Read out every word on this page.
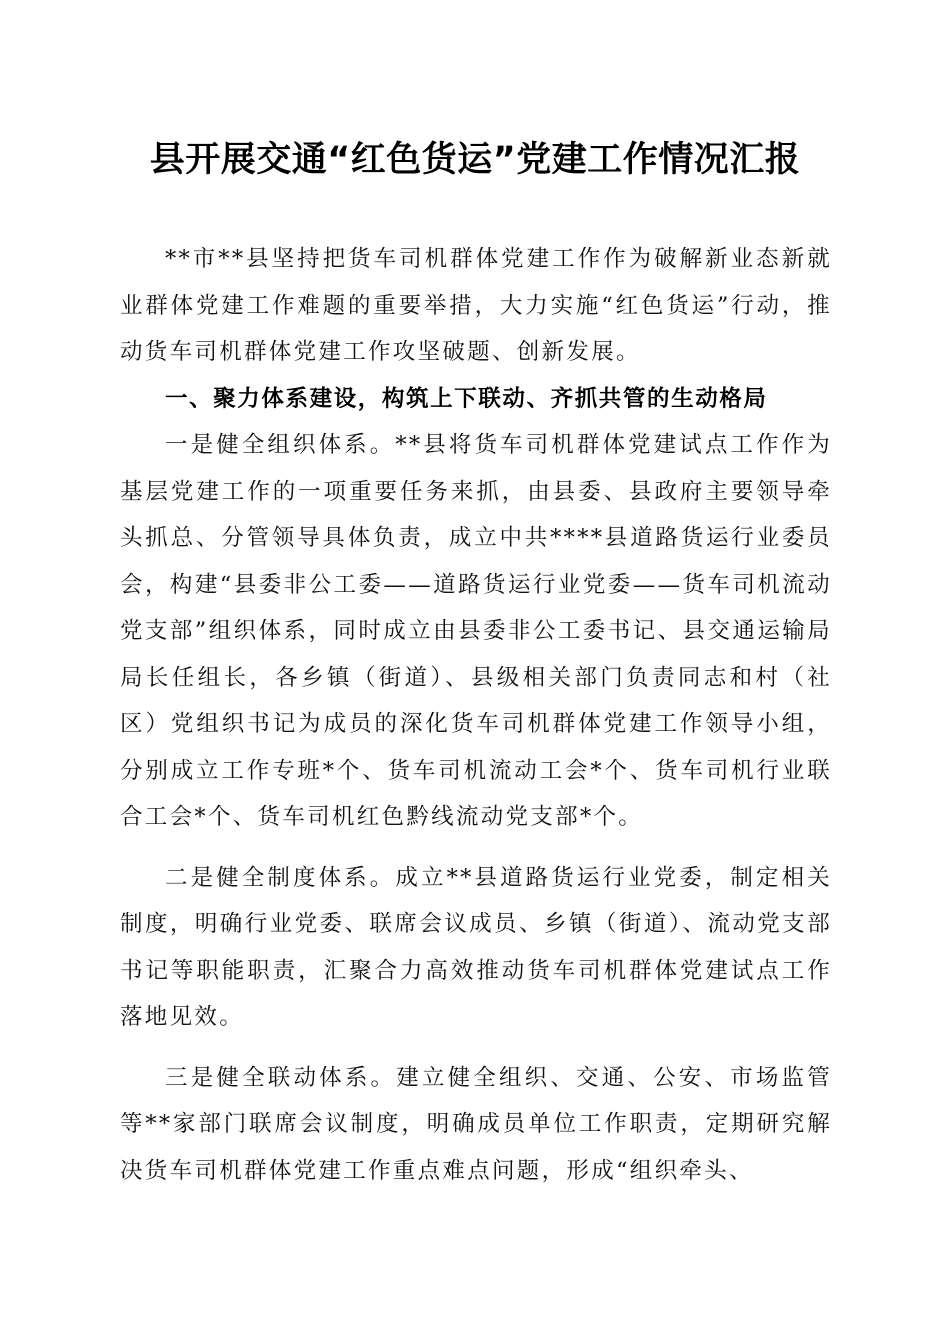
县开展交通“红色货运”党建工作情况汇报

**市**县坚持把货车司机群体党建工作作为破解新业态新就业群体党建工作难题的重要举措，大力实施“红色货运”行动，推动货车司机群体党建工作攻坚破题、创新发展。

一、聚力体系建设，构筑上下联动、齐抓共管的生动格局

一是健全组织体系。**县将货车司机群体党建试点工作作为基层党建工作的一项重要任务来抓，由县委、县政府主要领导牵头抓总、分管领导具体负责，成立中共****县道路货运行业委员会，构建“县委非公工委——道路货运行业党委——货车司机流动党支部”组织体系，同时成立由县委非公工委书记、县交通运输局局长任组长，各乡镇（街道）、县级相关部门负责同志和村（社区）党组织书记为成员的深化货车司机群体党建工作领导小组，分别成立工作专班*个、货车司机流动工会*个、货车司机行业联合工会*个、货车司机红色黔线流动党支部*个。

二是健全制度体系。成立**县道路货运行业党委，制定相关制度，明确行业党委、联席会议成员、乡镇（街道）、流动党支部书记等职能职责，汇聚合力高效推动货车司机群体党建试点工作落地见效。

三是健全联动体系。建立健全组织、交通、公安、市场监管等**家部门联席会议制度，明确成员单位工作职责，定期研究解决货车司机群体党建工作重点难点问题，形成“组织牵头、
